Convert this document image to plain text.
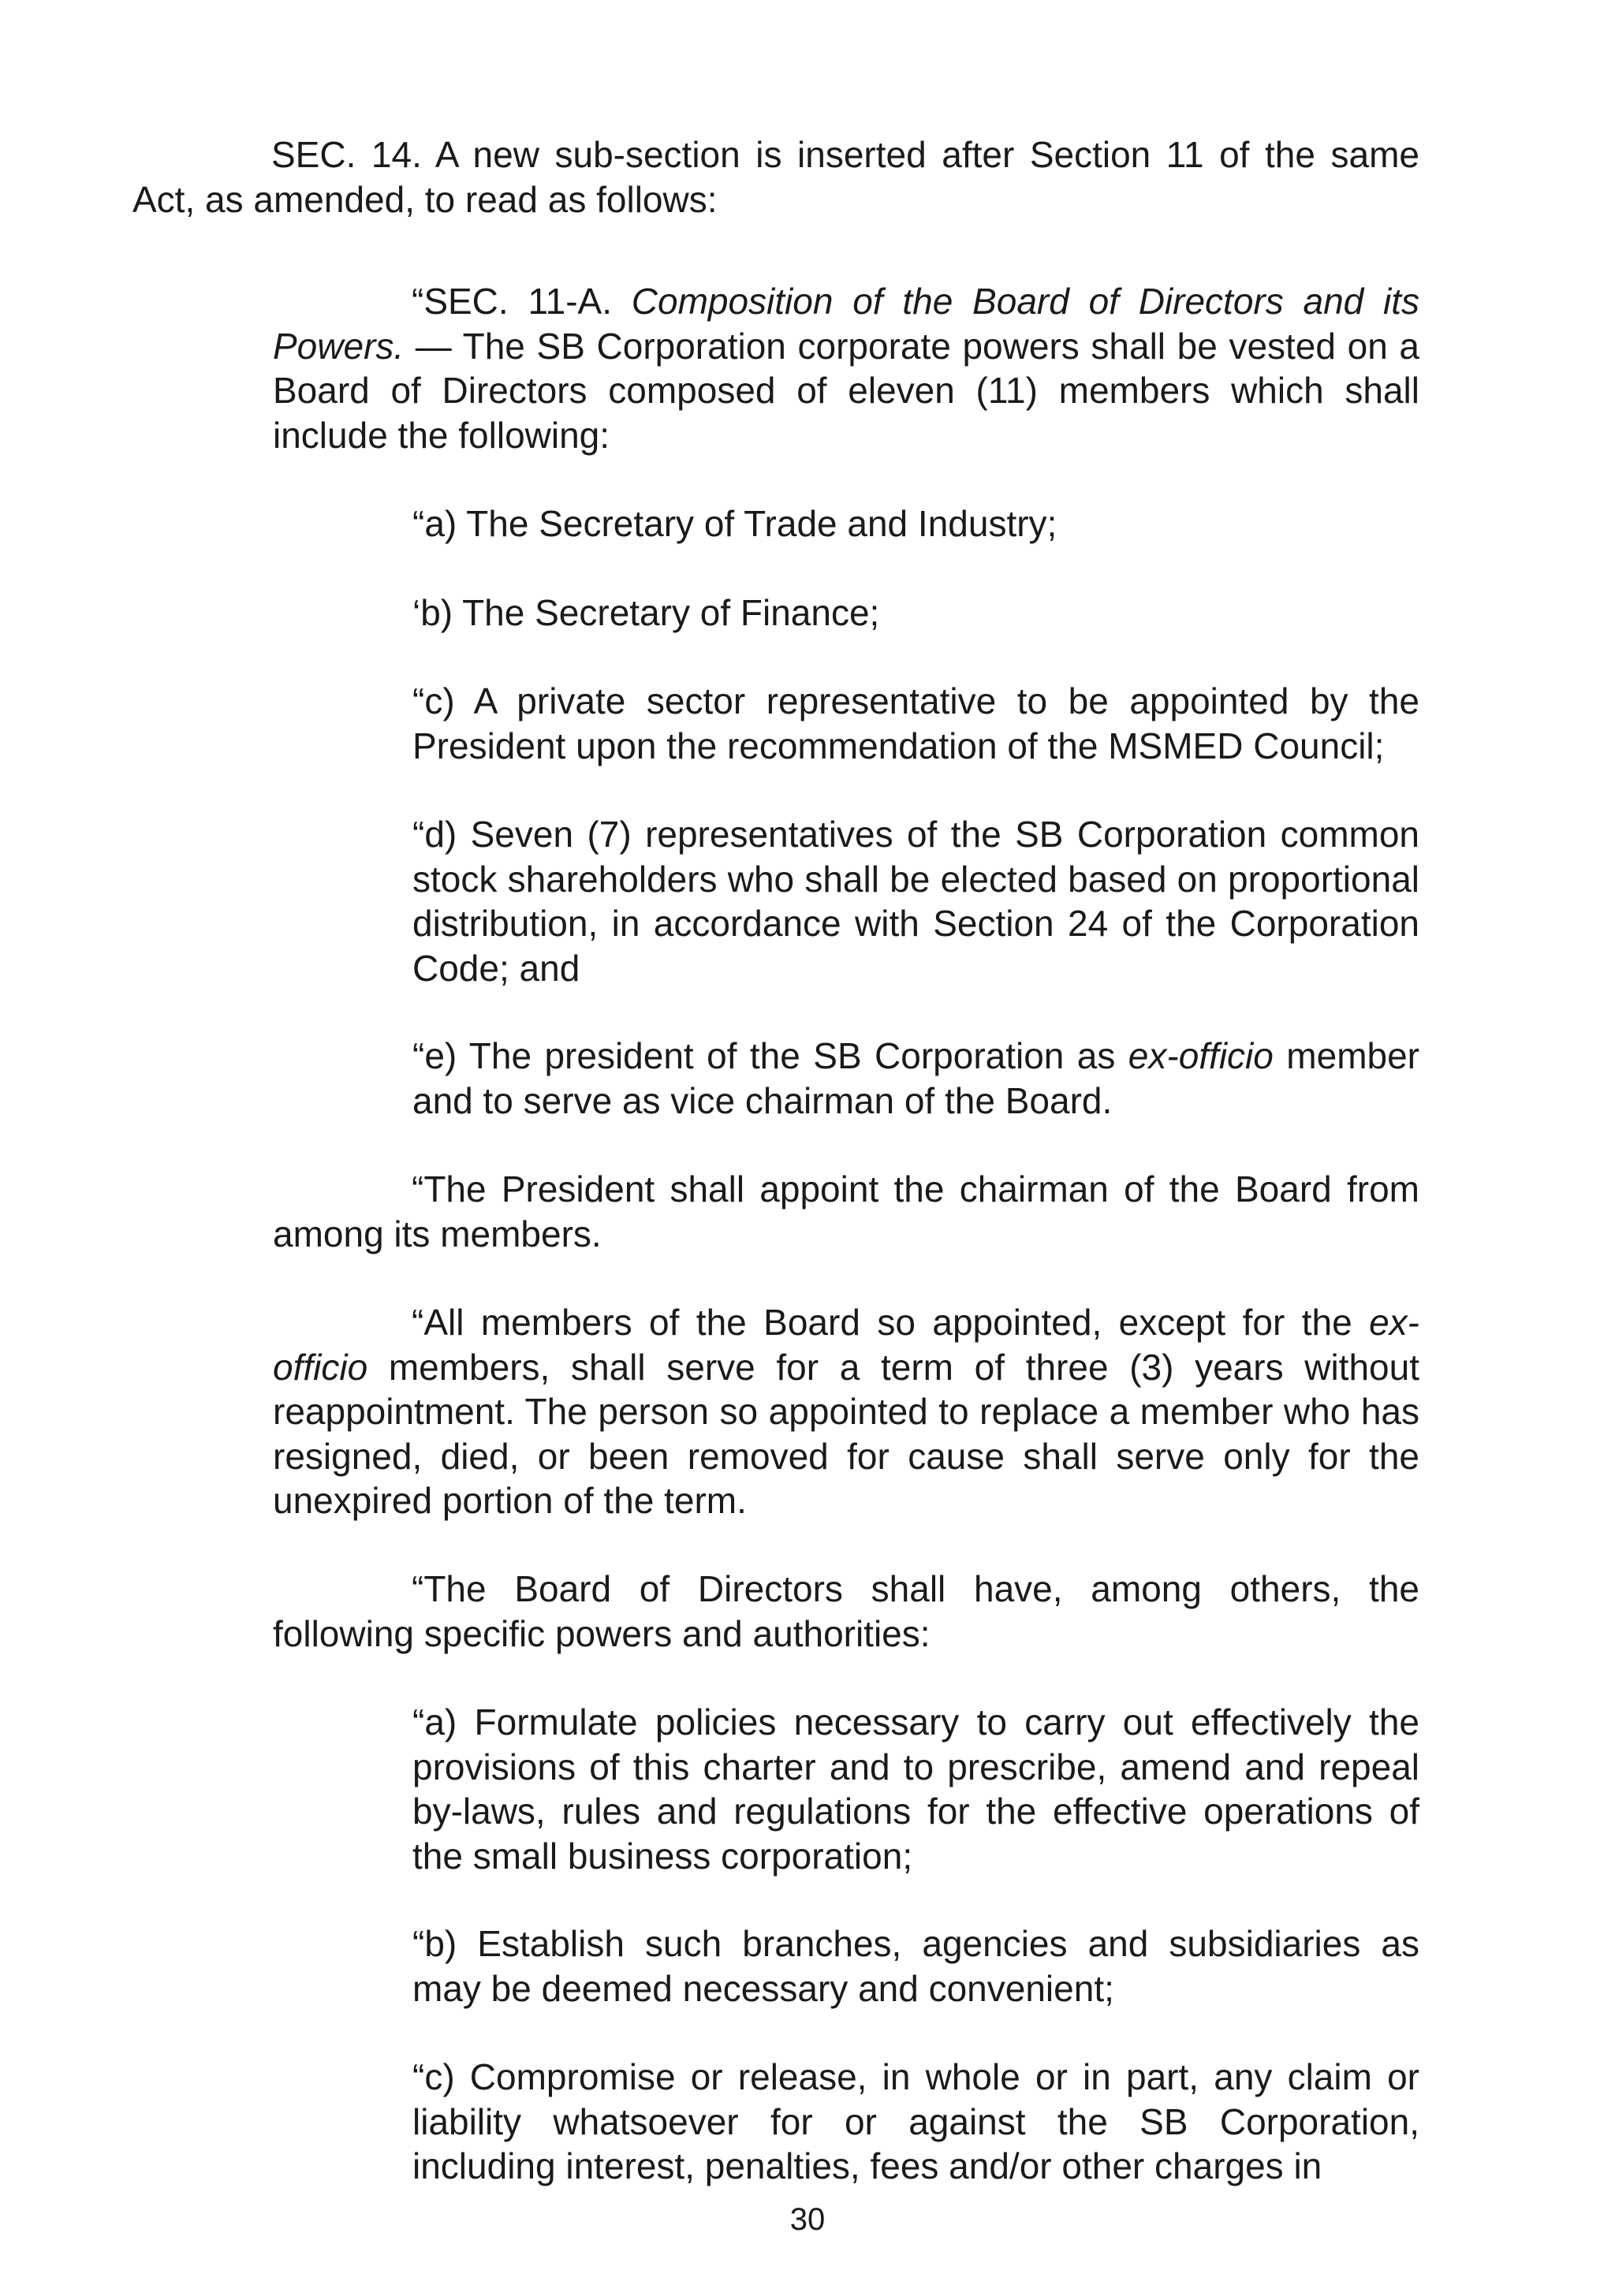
SEC. 14. A new sub-section is inserted after Section 11 of the same Act, as amended, to read as follows:

“SEC. 11-A. Composition of the Board of Directors and its Powers. — The SB Corporation corporate powers shall be vested on a Board of Directors composed of eleven (11) members which shall include the following:

“a) The Secretary of Trade and Industry;

‘b) The Secretary of Finance;

“c) A private sector representative to be appointed by the President upon the recommendation of the MSMED Council;

“d) Seven (7) representatives of the SB Corporation common stock shareholders who shall be elected based on proportional distribution, in accordance with Section 24 of the Corporation Code; and

“e) The president of the SB Corporation as ex-officio member and to serve as vice chairman of the Board.

“The President shall appoint the chairman of the Board from among its members.

“All members of the Board so appointed, except for the ex-officio members, shall serve for a term of three (3) years without reappointment. The person so appointed to replace a member who has resigned, died, or been removed for cause shall serve only for the unexpired portion of the term.

“The Board of Directors shall have, among others, the following specific powers and authorities:

“a) Formulate policies necessary to carry out effectively the provisions of this charter and to prescribe, amend and repeal by-laws, rules and regulations for the effective operations of the small business corporation;

“b) Establish such branches, agencies and subsidiaries as may be deemed necessary and convenient;

“c) Compromise or release, in whole or in part, any claim or liability whatsoever for or against the SB Corporation, including interest, penalties, fees and/or other charges in

30
